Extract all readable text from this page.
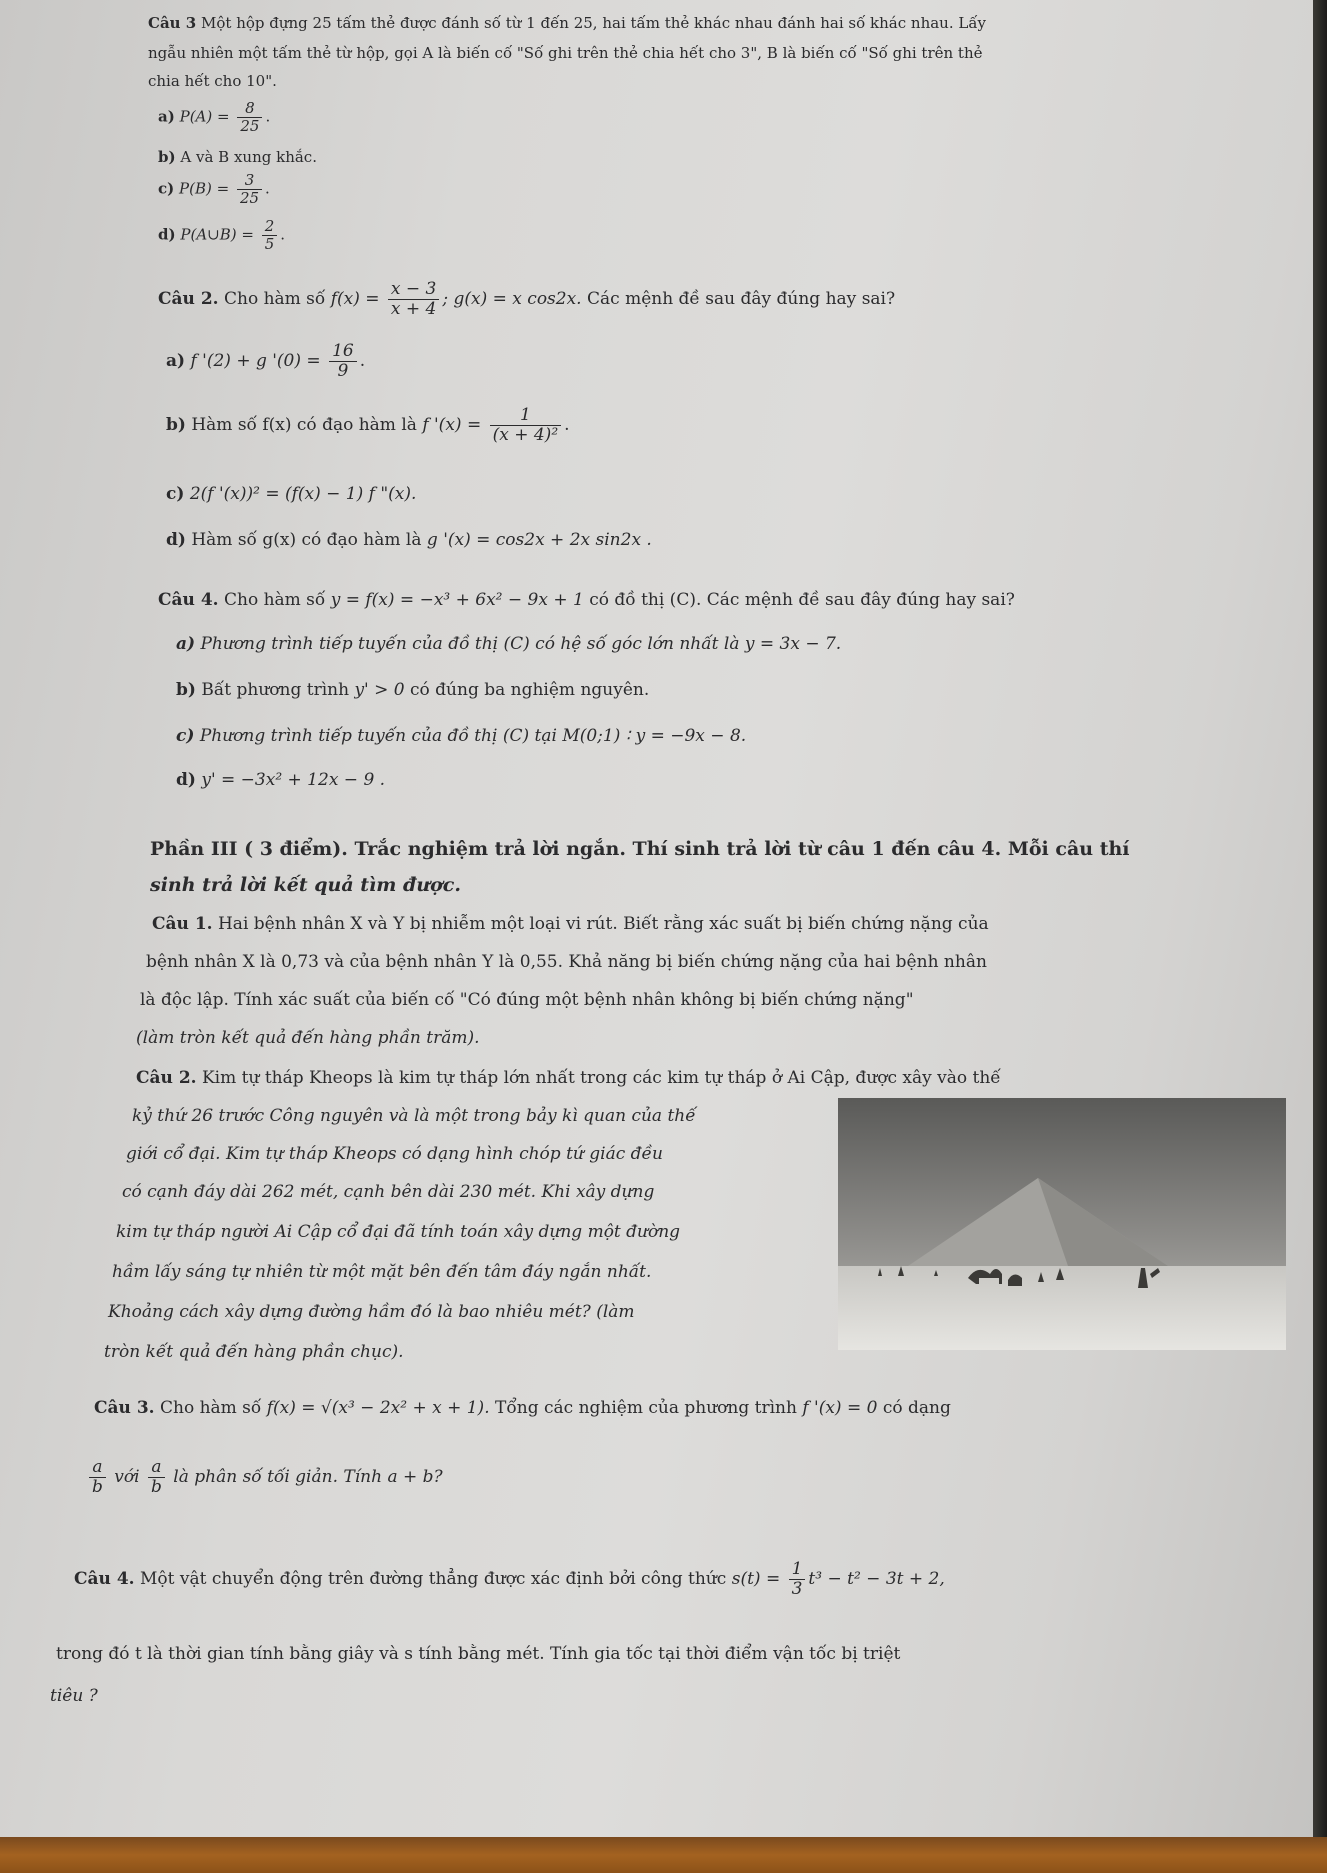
Câu 3 Một hộp đựng 25 tấm thẻ được đánh số từ 1 đến 25, hai tấm thẻ khác nhau đánh hai số khác nhau. Lấy
ngẫu nhiên một tấm thẻ từ hộp, gọi A là biến cố "Số ghi trên thẻ chia hết cho 3", B là biến cố "Số ghi trên thẻ
chia hết cho 10".
a) $P(A) = \frac{8}{25}$ .
b) A và B xung khắc.
c) $P(B) = \frac{3}{25}$ .
d) P(A∪B) = $\frac{2}{5}$ .
Câu 2. Cho hàm số $f(x) = \frac{x - 3}{x + 4}$ ; g(x) = x cos2x. Các mệnh đề sau đây đúng hay sai?
a) f '(2) + g '$(0) = \frac{16}{9}$ .
b) Hàm số f(x) có đạo hàm là f '$(x) = \frac{1}{\text{(x + 4)²}}$ .
c) 2(f '(x))² = (f(x) − 1) f "(x).
d) Hàm số g(x) có đạo hàm là g '(x) = cos2x + 2x sin2x .
Câu 4. Cho hàm số y = f(x) = −x³ + 6x² − 9x + 1 có đồ thị (C). Các mệnh đề sau đây đúng hay sai?
a) Phương trình tiếp tuyến của đồ thị (C) có hệ số góc lớn nhất là y = 3x − 7.
b) Bất phương trình y' > 0 có đúng ba nghiệm nguyên.
c) Phương trình tiếp tuyến của đồ thị (C) tại M(0;1) ∶ y = −9x − 8.
d) y' = −3x² + 12x − 9 .
Phần III ( 3 điểm). Trắc nghiệm trả lời ngắn. Thí sinh trả lời từ câu 1 đến câu 4. Mỗi câu thí
sinh trả lời kết quả tìm được.
Câu 1. Hai bệnh nhân X và Y bị nhiễm một loại vi rút. Biết rằng xác suất bị biến chứng nặng của
bệnh nhân X là 0,73 và của bệnh nhân Y là 0,55. Khả năng bị biến chứng nặng của hai bệnh nhân
là độc lập. Tính xác suất của biến cố "Có đúng một bệnh nhân không bị biến chứng nặng"
(làm tròn kết quả đến hàng phần trăm).
Câu 2. Kim tự tháp Kheops là kim tự tháp lớn nhất trong các kim tự tháp ở Ai Cập, được xây vào thế
kỷ thứ 26 trước Công nguyên và là một trong bảy kì quan của thế
giới cổ đại. Kim tự tháp Kheops có dạng hình chóp tứ giác đều
có cạnh đáy dài 262 mét, cạnh bên dài 230 mét. Khi xây dựng
kim tự tháp người Ai Cập cổ đại đã tính toán xây dựng một đường
hầm lấy sáng tự nhiên từ một mặt bên đến tâm đáy ngắn nhất.
Khoảng cách xây dựng đường hầm đó là bao nhiêu mét? (làm
tròn kết quả đến hàng phần chục).
Câu 3. Cho hàm số f(x) = √(x³ − 2x² + x + 1). Tổng các nghiệm của phương trình f '(x) = 0 có dạng
$\frac{a}{b}$ với $\frac{a}{b}$ là phân số tối giản. Tính a + b?
Câu 4. Một vật chuyển động trên đường thẳng được xác định bởi công thức $s(t) = \frac{1}{3} t^3 - t^2 - 3t + 2$,
trong đó t là thời gian tính bằng giây và s tính bằng mét. Tính gia tốc tại thời điểm vận tốc bị triệt
tiêu ?
